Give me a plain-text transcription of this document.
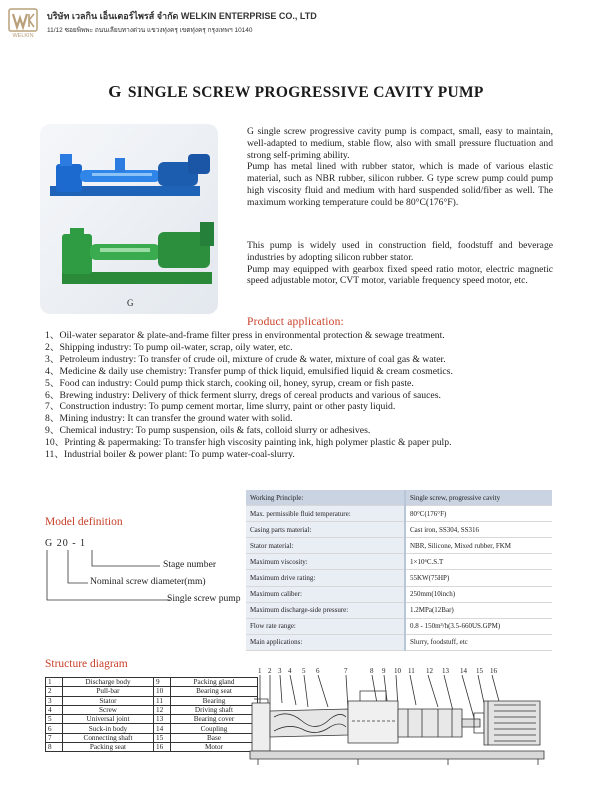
WELKIN
บริษัท เวลกิน เอ็นเตอร์ไพรส์ จำกัด WELKIN ENTERPRISE CO., LTD
11/12 ซอยพิพพะ ถนนเลียบทางด่วน แขวงทุ่งครุ เขตทุ่งครุ กรุงเทพฯ 10140
G SINGLE SCREW PROGRESSIVE CAVITY PUMP
G
G single screw progressive cavity pump is compact, small, easy to maintain, well-adapted to medium, stable flow, also with small pressure fluctuation and strong self-priming ability.
Pump has metal lined with rubber stator, which is made of various elastic material, such as NBR rubber, silicon rubber. G type screw pump could pump high viscosity fluid and medium with hard suspended solid/fiber as well. The maximum working temperature could be 80°C(176°F).
This pump is widely used in construction field, foodstuff and beverage industries by adopting silicon rubber stator.
Pump may equipped with gearbox fixed speed ratio motor, electric magnetic speed adjustable motor, CVT motor, variable frequency speed motor, etc.
Product application:
1、Oil-water separator & plate-and-frame filter press in environmental protection & sewage treatment.
2、Shipping industry: To pump oil-water, scrap, oily water, etc.
3、Petroleum industry: To transfer of crude oil, mixture of crude & water, mixture of coal gas & water.
4、Medicine & daily use chemistry: Transfer pump of thick liquid, emulsified liquid & cream cosmetics.
5、Food can industry: Could pump thick starch, cooking oil, honey, syrup, cream or fish paste.
6、Brewing industry: Delivery of thick ferment slurry, dregs of cereal products and various of sauces.
7、Construction industry: To pump cement mortar, lime slurry, paint or other pasty liquid.
8、Mining industry: It can transfer the ground water with solid.
9、Chemical industry: To pump suspension, oils & fats, colloid slurry or adhesives.
10、Printing & papermaking: To transfer high viscosity painting ink, high polymer plastic & paper pulp.
11、Industrial boiler & power plant: To pump water-coal-slurry.
Working Principle:	Single screw, progressive cavity
Max. permissible fluid temperature:	80°C(176°F)
Casing parts material:	Cast iron, SS304, SS316
Stator material:	NBR, Silicone, Mixed rubber, FKM
Maximum viscosity:	1×10⁶C.S.T
Maximum drive rating:	55KW(75HP)
Maximum caliber:	250mm(10inch)
Maximum discharge-side pressure:	1.2MPa(12Bar)
Flow rate range:	0.8 - 150m³/h(3.5-660US.GPM)
Main applications:	Slurry, foodstuff, etc
Model definition
G 20 - 1
Stage number
Nominal screw diameter(mm)
Single screw pump
Structure diagram
1	Discharge body	9	Packing gland
2	Pull-bar	10	Bearing seat
3	Stator	11	Bearing
4	Screw	12	Driving shaft
5	Universal joint	13	Bearing cover
6	Suck-in body	14	Coupling
7	Connecting shaft	15	Base
8	Packing seat	16	Motor
1 2 3 4 5 6	7	8 9 10 11 12 13 14 15 16
